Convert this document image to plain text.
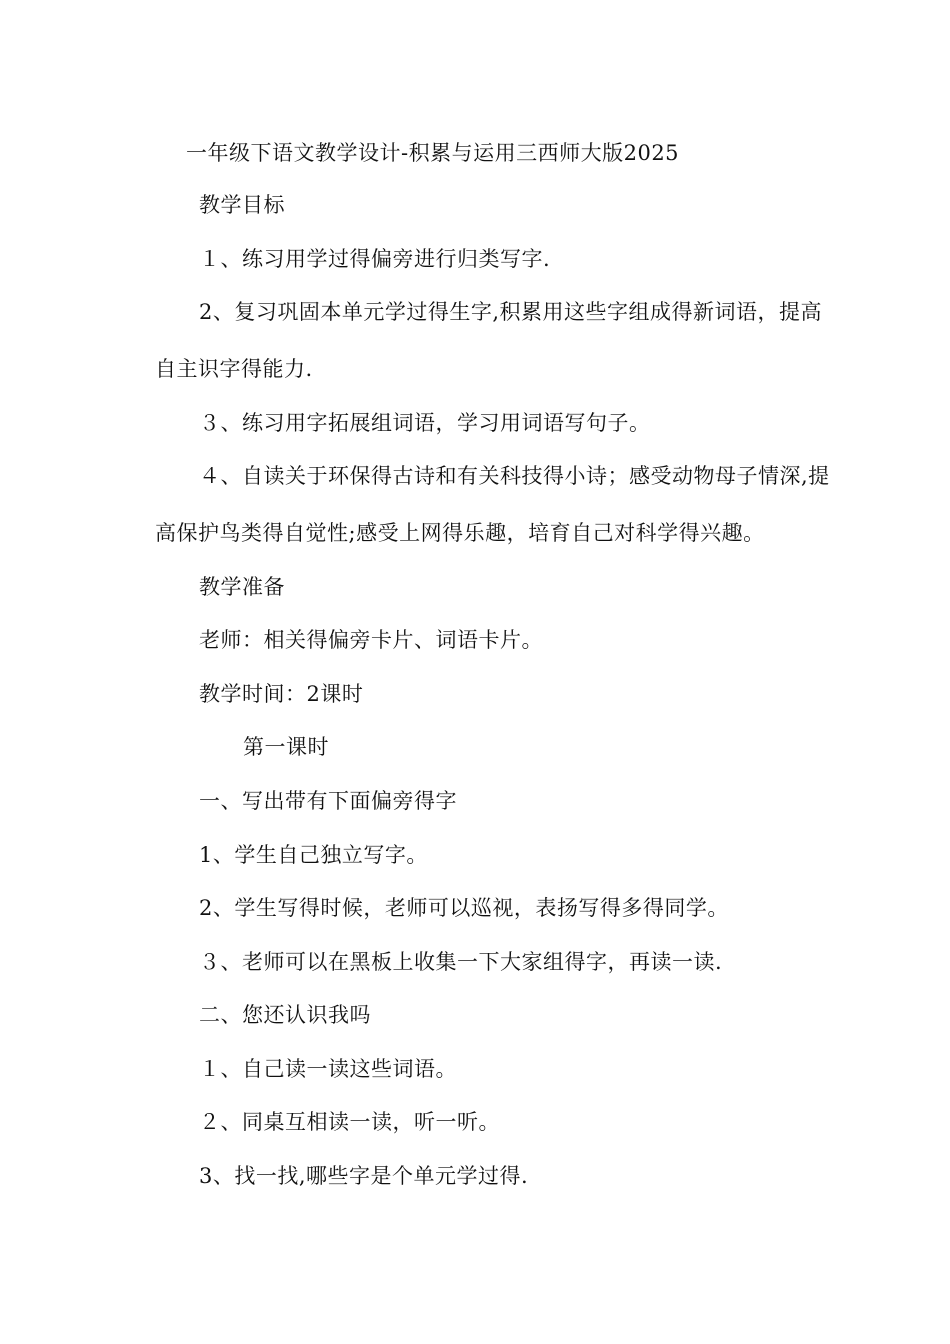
一年级下语文教学设计-积累与运用三西师大版2025
教学目标
１、练习用学过得偏旁进行归类写字.
2、复习巩固本单元学过得生字,积累用这些字组成得新词语，提高
自主识字得能力.
３、练习用字拓展组词语，学习用词语写句子。
４、自读关于环保得古诗和有关科技得小诗；感受动物母子情深,提
高保护鸟类得自觉性;感受上网得乐趣，培育自己对科学得兴趣。
教学准备
老师：相关得偏旁卡片、词语卡片。
教学时间：2课时
第一课时
一、写出带有下面偏旁得字
1、学生自己独立写字。
2、学生写得时候，老师可以巡视，表扬写得多得同学。
３、老师可以在黑板上收集一下大家组得字，再读一读.
二、您还认识我吗
１、自己读一读这些词语。
２、同桌互相读一读，听一听。
3、找一找,哪些字是个单元学过得.
